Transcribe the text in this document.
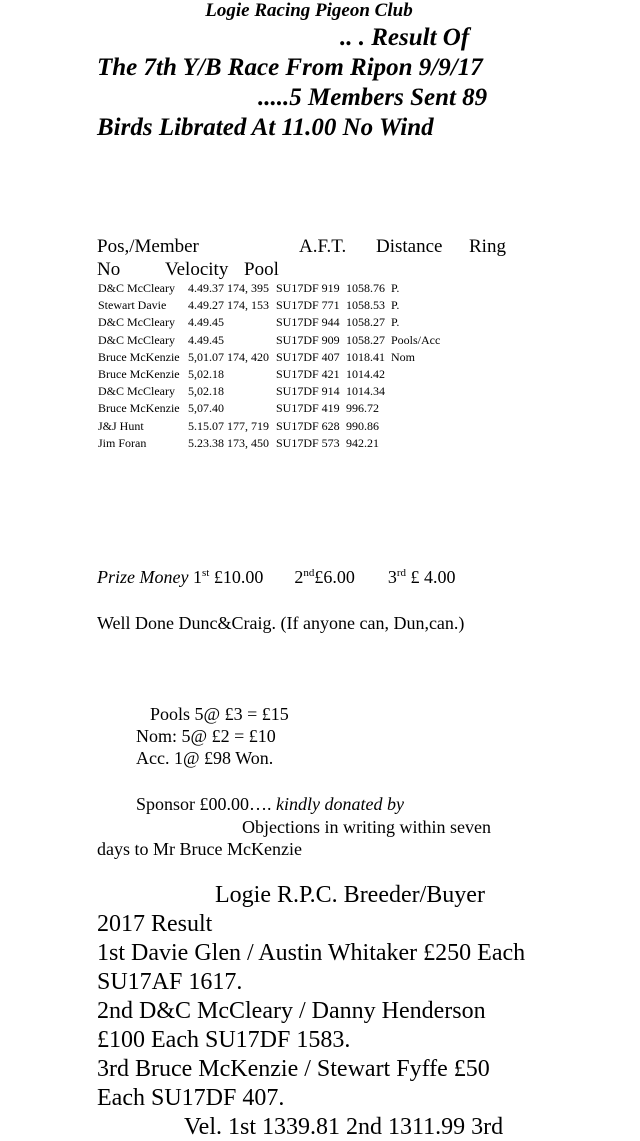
Logie Racing Pigeon Club
.. . Result Of
The 7th Y/B Race From Ripon 9/9/17
.....5 Members Sent 89
Birds Librated At 11.00 No Wind
Pos,/Member	A.F.T. Distance Ring
No Velocity Pool
D&C McCleary 4.49.37 174, 395 SU17DF 919 1058.76 P.
Stewart Davie 4.49.27 174, 153 SU17DF 771 1058.53 P.
D&C McCleary 4.49.45	SU17DF 944 1058.27 P.
D&C McCleary 4.49.45	SU17DF 909 1058.27 Pools/Acc
Bruce McKenzie 5,01.07 174, 420 SU17DF 407 1018.41 Nom
Bruce McKenzie 5,02.18	SU17DF 421 1014.42
D&C McCleary 5,02.18	SU17DF 914 1014.34
Bruce McKenzie 5,07.40	SU17DF 419 996.72
J&J Hunt	5.15.07 177, 719 SU17DF 628 990.86
Jim Foran	5.23.38 173, 450 SU17DF 573 942.21
Prize Money 1st £10.00 2nd£6.00 3rd £ 4.00
Well Done Dunc&Craig. (If anyone can, Dun,can.)
Pools 5@ £3 = £15
Nom: 5@ £2 = £10
Acc. 1@ £98 Won.
Sponsor £00.00…. kindly donated by
Objections in writing within seven
days to Mr Bruce McKenzie
Logie R.P.C. Breeder/Buyer
2017 Result
1st Davie Glen / Austin Whitaker £250 Each
SU17AF 1617.
2nd D&C McCleary / Danny Henderson
£100 Each SU17DF 1583.
3rd Bruce McKenzie / Stewart Fyffe £50
Each SU17DF 407.
Vel. 1st 1339.81 2nd 1311.99 3rd
